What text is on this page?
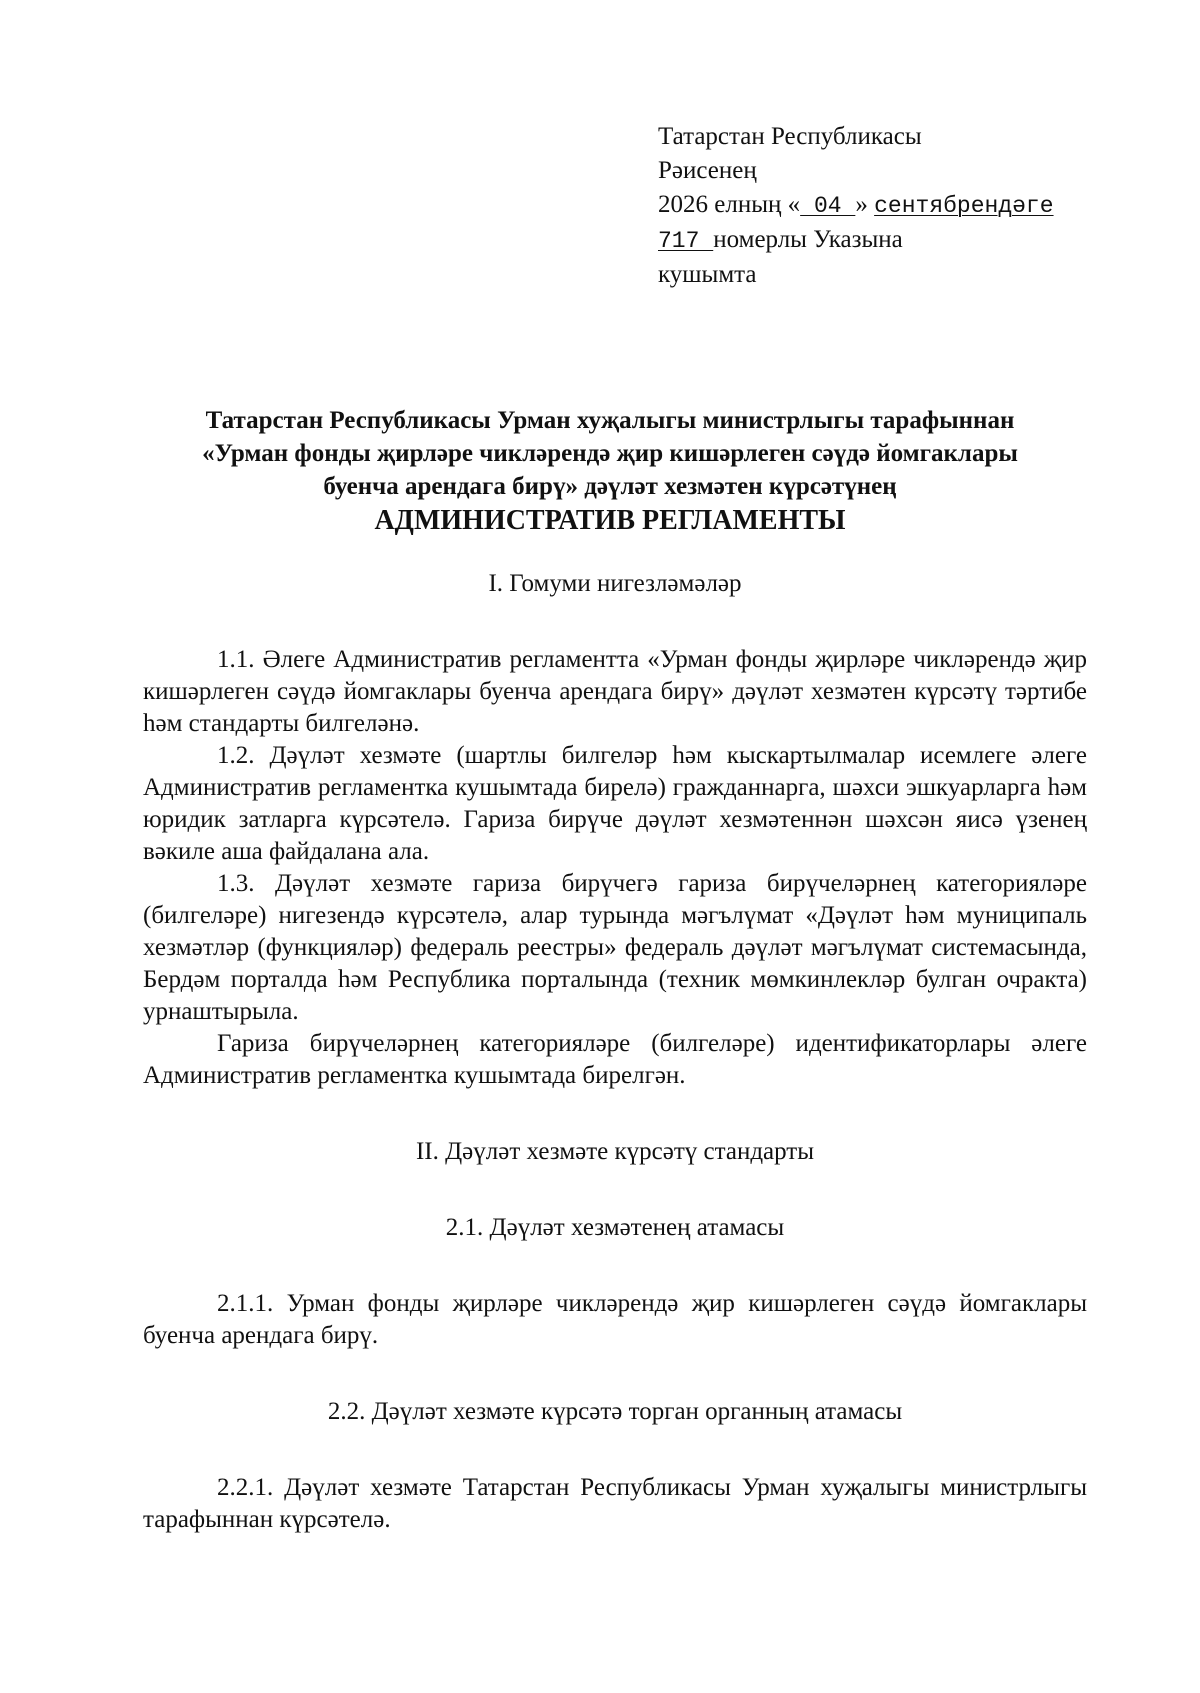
Татарстан Республикасы
Рәисенең
2026 елның « 04 » сентябрендәге
717 номерлы Указына
кушымта
Татарстан Республикасы Урман хуҗалыгы министрлыгы тарафыннан
«Урман фонды җирләре чикләрендә җир кишәрлеген сәүдә йомгаклары
буенча арендага бирү» дәүләт хезмәтен күрсәтүнең
АДМИНИСТРАТИВ РЕГЛАМЕНТЫ
I. Гомуми нигезләмәләр

1.1. Әлеге Административ регламентта «Урман фонды җирләре чикләрендә җир кишәрлеген сәүдә йомгаклары буенча арендага бирү» дәүләт хезмәтен күрсәтү тәртибе һәм стандарты билгеләнә.

1.2. Дәүләт хезмәте (шартлы билгеләр һәм кыскартылмалар исемлеге әлеге Административ регламентка кушымтада бирелә) гражданнарга, шәхси эшкуарларга һәм юридик затларга күрсәтелә. Гариза бирүче дәүләт хезмәтеннән шәхсән яисә үзенең вәкиле аша файдалана ала.

1.3. Дәүләт хезмәте гариза бирүчегә гариза бирүчеләрнең категорияләре (билгеләре) нигезендә күрсәтелә, алар турында мәгълүмат «Дәүләт һәм муниципаль хезмәтләр (функцияләр) федераль реестры» федераль дәүләт мәгълүмат системасында, Бердәм порталда һәм Республика порталында (техник мөмкинлекләр булган очракта) урнаштырыла.

Гариза бирүчеләрнең категорияләре (билгеләре) идентификаторлары әлеге Административ регламентка кушымтада бирелгән.

II. Дәүләт хезмәте күрсәтү стандарты
2.1. Дәүләт хезмәтенең атамасы

2.1.1. Урман фонды җирләре чикләрендә җир кишәрлеген сәүдә йомгаклары буенча арендага бирү.

2.2. Дәүләт хезмәте күрсәтә торган органның атамасы

2.2.1. Дәүләт хезмәте Татарстан Республикасы Урман хуҗалыгы министрлыгы тарафыннан күрсәтелә.
